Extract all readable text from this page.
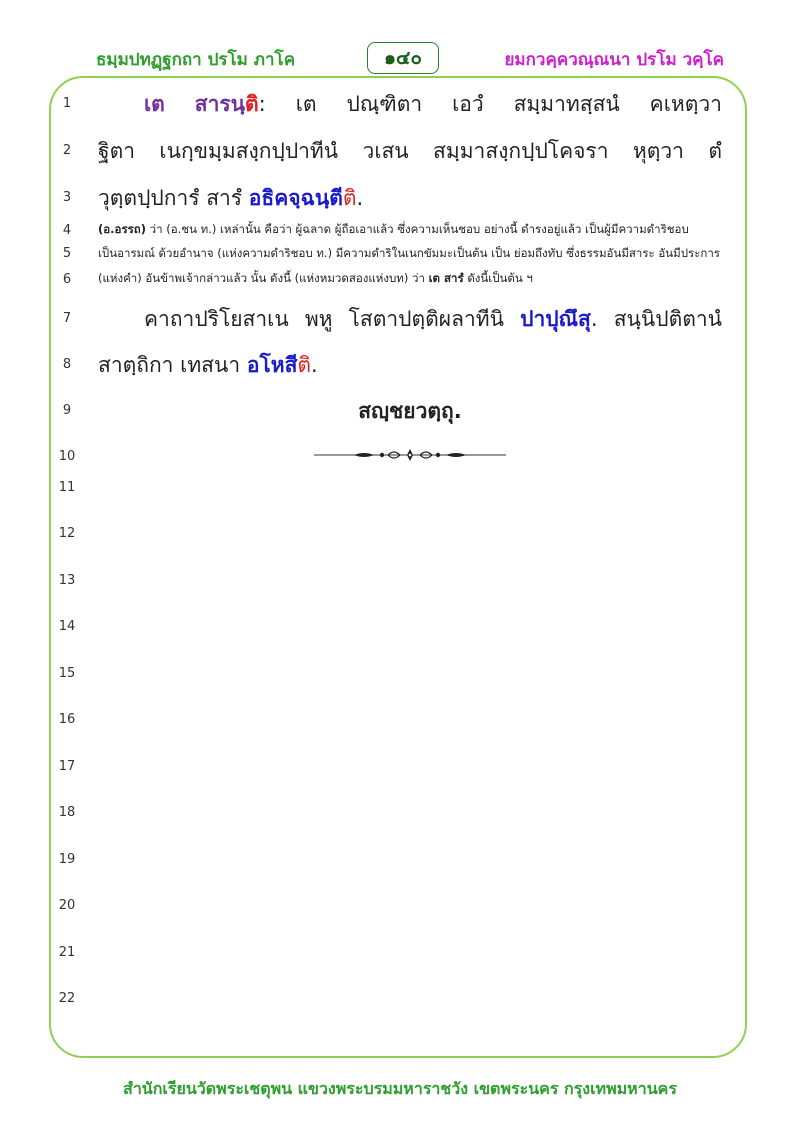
ธมฺมปทฏฺฐกถา ปรโม ภาโค	๑๔๐	ยมกวคฺควณฺณนา ปรโม วคฺโค
1
2
3
4
5
6
7
8
9
10
11
12
13
14
15
16
17
18
19
20
21
22
เต สารนฺติ: เต ปณฺฑิตา เอวํ สมฺมาทสฺสนํ คเหตฺวา
ฐิตา เนกฺขมฺมสงฺกปฺปาทีนํ วเสน สมฺมาสงฺกปฺปโคจรา หุตฺวา ตํ
วุตฺตปฺปการํ สารํ อธิคจฺฉนฺตีติ.
(อ.อรรถ) ว่า (อ.ชน ท.) เหล่านั้น คือว่า ผู้ฉลาด ผู้ถือเอาแล้ว ซึ่งความเห็นชอบ อย่างนี้ ดำรงอยู่แล้ว เป็นผู้มีความดำริชอบ
เป็นอารมณ์ ด้วยอำนาจ (แห่งความดำริชอบ ท.) มีความดำริในเนกขัมมะเป็นต้น เป็น ย่อมถึงทับ ซึ่งธรรมอันมีสาระ อันมีประการ
(แห่งคำ) อันข้าพเจ้ากล่าวแล้ว นั้น ดังนี้ (แห่งหมวดสองแห่งบท) ว่า เต สารํ ดังนี้เป็นต้น ฯ
คาถาปริโยสาเน พหู โสตาปตฺติผลาทีนิ ปาปุณึสุ. สนฺนิปติตานํ
สาตฺถิกา เทสนา อโหสีติ.
สญฺชยวตฺถุ.
สำนักเรียนวัดพระเชตุพน แขวงพระบรมมหาราชวัง เขตพระนคร กรุงเทพมหานคร
